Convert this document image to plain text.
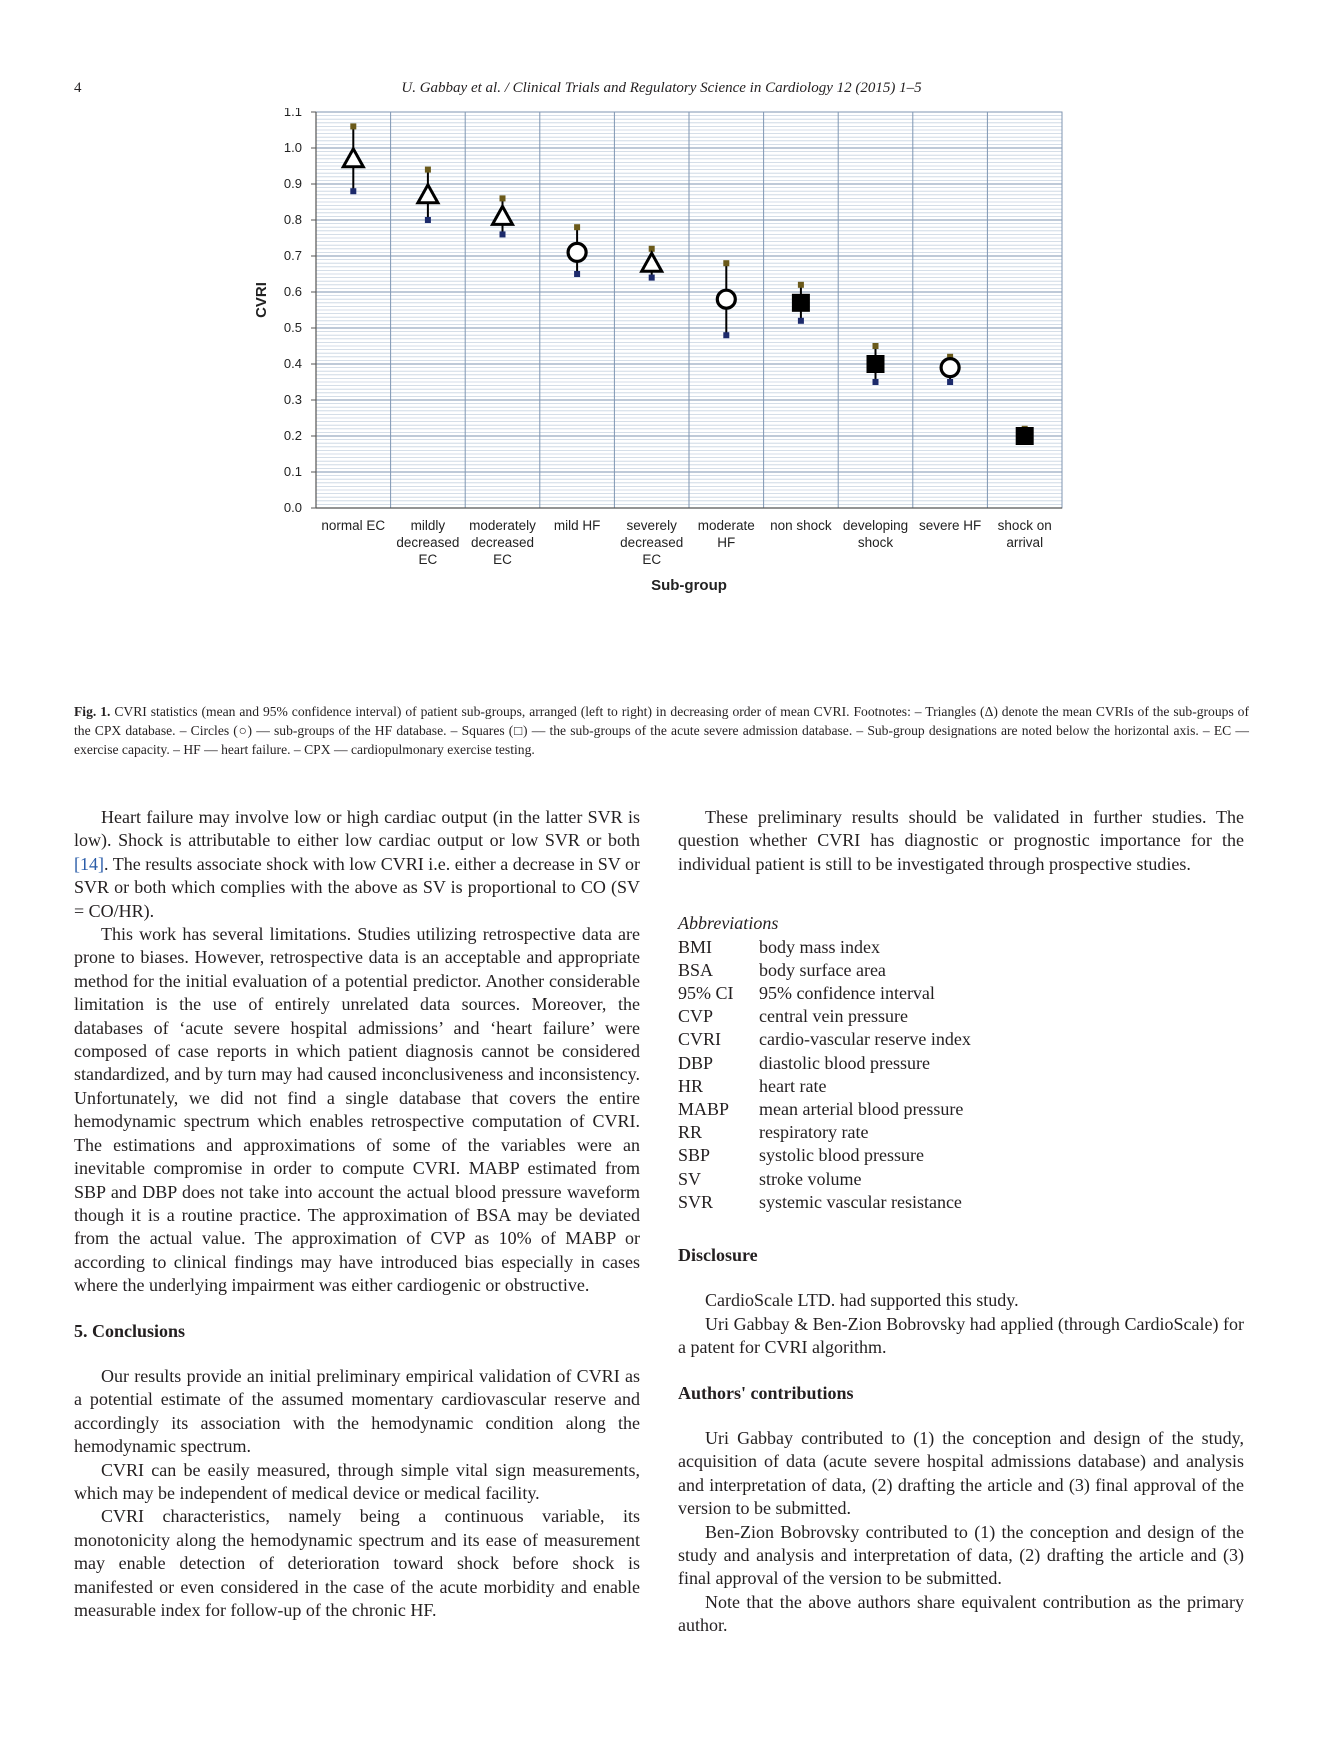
4	U. Gabbay et al. / Clinical Trials and Regulatory Science in Cardiology 12 (2015) 1–5
0.0
0.1
0.2
0.3
0.4
0.5
0.6
0.7
0.8
0.9
1.0
1.1
normal EC mildly
decreased
EC
moderately
decreased
EC
mild HF severely
decreased
EC
moderate
HF
non shock developing
shock
severe HF shock on
arrival
CVRI
Sub-group
Fig. 1. CVRI statistics (mean and 95% confidence interval) of patient sub-groups, arranged (left to right) in decreasing order of mean CVRI. Footnotes: – Triangles (Δ) denote the mean CVRIs of the sub-groups of the CPX database. – Circles (○) — sub-groups of the HF database. – Squares (□) — the sub-groups of the acute severe admission database. – Sub-group designations are noted below the horizontal axis. – EC — exercise capacity. – HF — heart failure. – CPX — cardiopulmonary exercise testing.

Heart failure may involve low or high cardiac output (in the latter SVR is low). Shock is attributable to either low cardiac output or low SVR or both [14]. The results associate shock with low CVRI i.e. either a decrease in SV or SVR or both which complies with the above as SV is proportional to CO (SV = CO/HR).

This work has several limitations. Studies utilizing retrospective data are prone to biases. However, retrospective data is an acceptable and appropriate method for the initial evaluation of a potential predictor. Another considerable limitation is the use of entirely unrelated data sources. Moreover, the databases of ‘acute severe hospital admissions’ and ‘heart failure’ were composed of case reports in which patient diagnosis cannot be considered standardized, and by turn may had caused inconclusiveness and inconsistency. Unfortunately, we did not find a single database that covers the entire hemodynamic spectrum which enables retrospective computation of CVRI. The estimations and approximations of some of the variables were an inevitable compromise in order to compute CVRI. MABP estimated from SBP and DBP does not take into account the actual blood pressure waveform though it is a routine practice. The approximation of BSA may be deviated from the actual value. The approximation of CVP as 10% of MABP or according to clinical findings may have introduced bias especially in cases where the underlying impairment was either cardiogenic or obstructive.

5. Conclusions

Our results provide an initial preliminary empirical validation of CVRI as a potential estimate of the assumed momentary cardiovascular reserve and accordingly its association with the hemodynamic condition along the hemodynamic spectrum.

CVRI can be easily measured, through simple vital sign measurements, which may be independent of medical device or medical facility.

CVRI characteristics, namely being a continuous variable, its monotonicity along the hemodynamic spectrum and its ease of measurement may enable detection of deterioration toward shock before shock is manifested or even considered in the case of the acute morbidity and enable measurable index for follow-up of the chronic HF.

These preliminary results should be validated in further studies. The question whether CVRI has diagnostic or prognostic importance for the individual patient is still to be investigated through prospective studies.

Abbreviations
BMI	body mass index
BSA	body surface area
95% CI	95% confidence interval
CVP	central vein pressure
CVRI	cardio-vascular reserve index
DBP	diastolic blood pressure
HR	heart rate
MABP	mean arterial blood pressure
RR	respiratory rate
SBP	systolic blood pressure
SV	stroke volume
SVR	systemic vascular resistance
Disclosure

CardioScale LTD. had supported this study.

Uri Gabbay & Ben-Zion Bobrovsky had applied (through CardioScale) for a patent for CVRI algorithm.

Authors' contributions

Uri Gabbay contributed to (1) the conception and design of the study, acquisition of data (acute severe hospital admissions database) and analysis and interpretation of data, (2) drafting the article and (3) final approval of the version to be submitted.

Ben-Zion Bobrovsky contributed to (1) the conception and design of the study and analysis and interpretation of data, (2) drafting the article and (3) final approval of the version to be submitted.

Note that the above authors share equivalent contribution as the primary author.
